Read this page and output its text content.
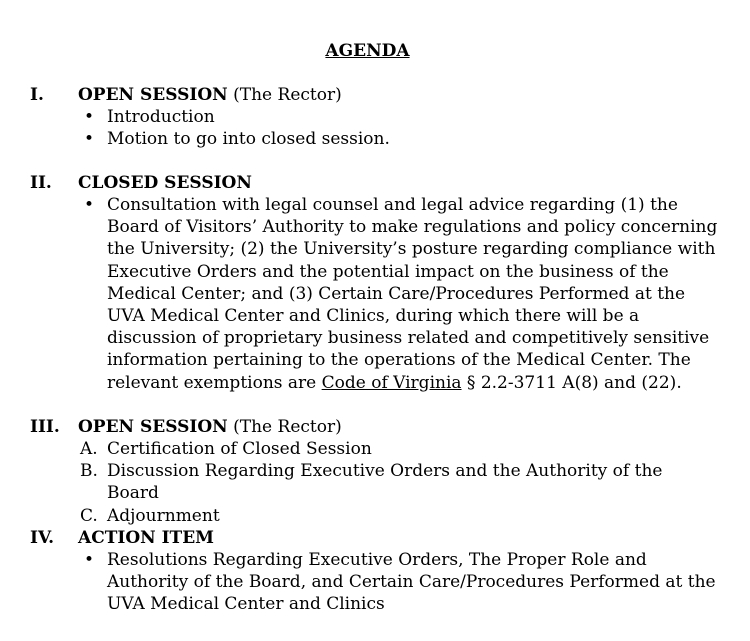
AGENDA
I. OPEN SESSION (The Rector)
• Introduction
• Motion to go into closed session.
II. CLOSED SESSION
• Consultation with legal counsel and legal advice regarding (1) the Board of Visitors’ Authority to make regulations and policy concerning the University; (2) the University’s posture regarding compliance with Executive Orders and the potential impact on the business of the Medical Center; and (3) Certain Care/Procedures Performed at the UVA Medical Center and Clinics, during which there will be a discussion of proprietary business related and competitively sensitive information pertaining to the operations of the Medical Center. The relevant exemptions are Code of Virginia § 2.2-3711 A(8) and (22).
III. OPEN SESSION (The Rector)
A. Certification of Closed Session
B. Discussion Regarding Executive Orders and the Authority of the Board
C. Adjournment
IV. ACTION ITEM
• Resolutions Regarding Executive Orders, The Proper Role and Authority of the Board, and Certain Care/Procedures Performed at the UVA Medical Center and Clinics
